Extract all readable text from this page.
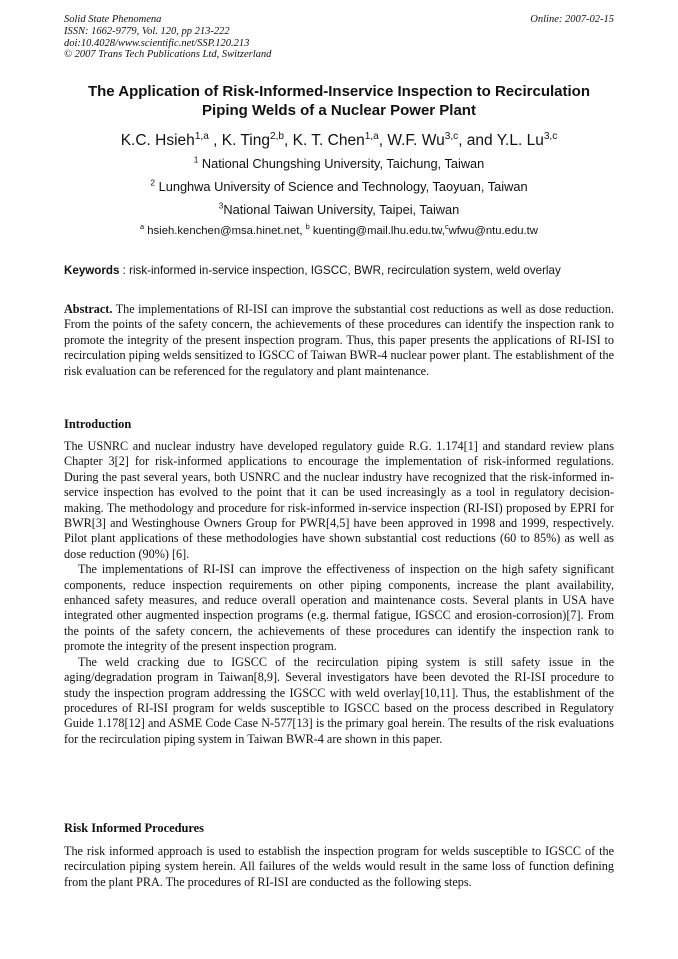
Solid State Phenomena
ISSN: 1662-9779, Vol. 120, pp 213-222
doi:10.4028/www.scientific.net/SSP.120.213
© 2007 Trans Tech Publications Ltd, Switzerland
Online: 2007-02-15
The Application of Risk-Informed-Inservice Inspection to Recirculation
Piping Welds of a Nuclear Power Plant
K.C. Hsieh$^{1,a}$ , K. Ting$^{2,b}$, K. T. Chen$^{1,a}$, W.F. Wu$^{3,c}$, and Y.L. Lu$^{3,c}$
$^1$ National Chungshing University, Taichung, Taiwan
$^2$ Lunghwa University of Science and Technology, Taoyuan, Taiwan
$^3$National Taiwan University, Taipei, Taiwan
$^a$ hsieh.kenchen@msa.hinet.net, $^b$ kuenting@mail.lhu.edu.tw,$^c$wfwu@ntu.edu.tw
Keywords : risk-informed in-service inspection, IGSCC, BWR, recirculation system, weld overlay

Abstract. The implementations of RI-ISI can improve the substantial cost reductions as well as dose reduction. From the points of the safety concern, the achievements of these procedures can identify the inspection rank to promote the integrity of the present inspection program. Thus, this paper presents the applications of RI-ISI to recirculation piping welds sensitized to IGSCC of Taiwan BWR-4 nuclear power plant. The establishment of the risk evaluation can be referenced for the regulatory and plant maintenance.

Introduction

The USNRC and nuclear industry have developed regulatory guide R.G. 1.174[1] and standard review plans Chapter 3[2] for risk-informed applications to encourage the implementation of risk-informed regulations. During the past several years, both USNRC and the nuclear industry have recognized that the risk-informed in-service inspection has evolved to the point that it can be used increasingly as a tool in regulatory decision-making. The methodology and procedure for risk-informed in-service inspection (RI-ISI) proposed by EPRI for BWR[3] and Westinghouse Owners Group for PWR[4,5] have been approved in 1998 and 1999, respectively. Pilot plant applications of these methodologies have shown substantial cost reductions (60 to 85%) as well as dose reduction (90%) [6].

The implementations of RI-ISI can improve the effectiveness of inspection on the high safety significant components, reduce inspection requirements on other piping components, increase the plant availability, enhanced safety measures, and reduce overall operation and maintenance costs. Several plants in USA have integrated other augmented inspection programs (e.g. thermal fatigue, IGSCC and erosion-corrosion)[7]. From the points of the safety concern, the achievements of these procedures can identify the inspection rank to promote the integrity of the present inspection program.

The weld cracking due to IGSCC of the recirculation piping system is still safety issue in the aging/degradation program in Taiwan[8,9]. Several investigators have been devoted the RI-ISI procedure to study the inspection program addressing the IGSCC with weld overlay[10,11]. Thus, the establishment of the procedures of RI-ISI program for welds susceptible to IGSCC based on the process described in Regulatory Guide 1.178[12] and ASME Code Case N-577[13] is the primary goal herein. The results of the risk evaluations for the recirculation piping system in Taiwan BWR-4 are shown in this paper.

Risk Informed Procedures

The risk informed approach is used to establish the inspection program for welds susceptible to IGSCC of the recirculation piping system herein. All failures of the welds would result in the same loss of function defining from the plant PRA. The procedures of RI-ISI are conducted as the following steps.
